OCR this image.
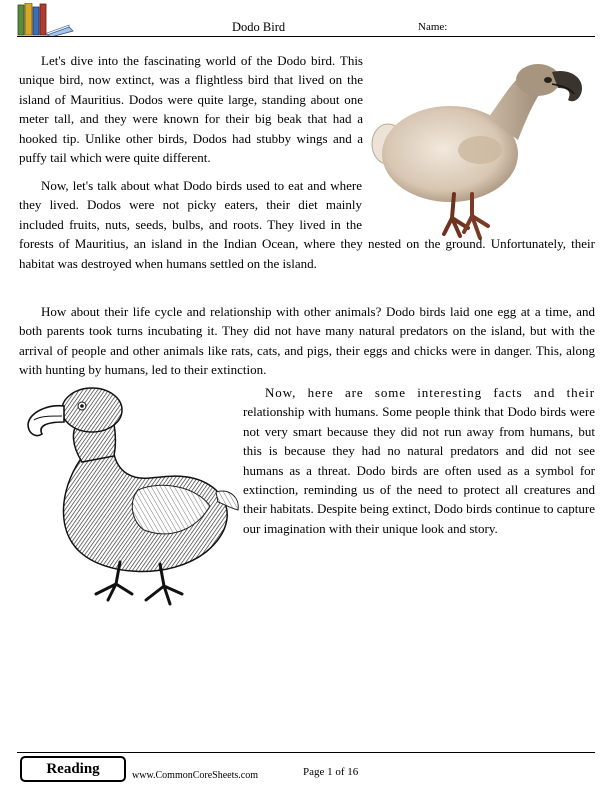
Dodo Bird	Name:

Let's dive into the fascinating world of the Dodo bird. This unique bird, now extinct, was a flightless bird that lived on the island of Mauritius. Dodos were quite large, standing about one meter tall, and they were known for their big beak that had a hooked tip. Unlike other birds, Dodos had stubby wings and a puffy tail which were quite different.

Now, let's talk about what Dodo birds used to eat and where they lived. Dodos were not picky eaters, their diet mainly included fruits, nuts, seeds, bulbs, and roots. They lived in the forests of Mauritius, an island in the Indian Ocean, where they nested on the ground. Unfortunately, their habitat was destroyed when humans settled on the island.

How about their life cycle and relationship with other animals? Dodo birds laid one egg at a time, and both parents took turns incubating it. They did not have many natural predators on the island, but with the arrival of people and other animals like rats, cats, and pigs, their eggs and chicks were in danger. This, along with hunting by humans, led to their extinction.

Now, here are some interesting facts and their relationship with humans. Some people think that Dodo birds were not very smart because they did not run away from humans, but this is because they had no natural predators and did not see humans as a threat. Dodo birds are often used as a symbol for extinction, reminding us of the need to protect all creatures and their habitats. Despite being extinct, Dodo birds continue to capture our imagination with their unique look and story.

Reading	www.CommonCoreSheets.com	Page 1 of 16
